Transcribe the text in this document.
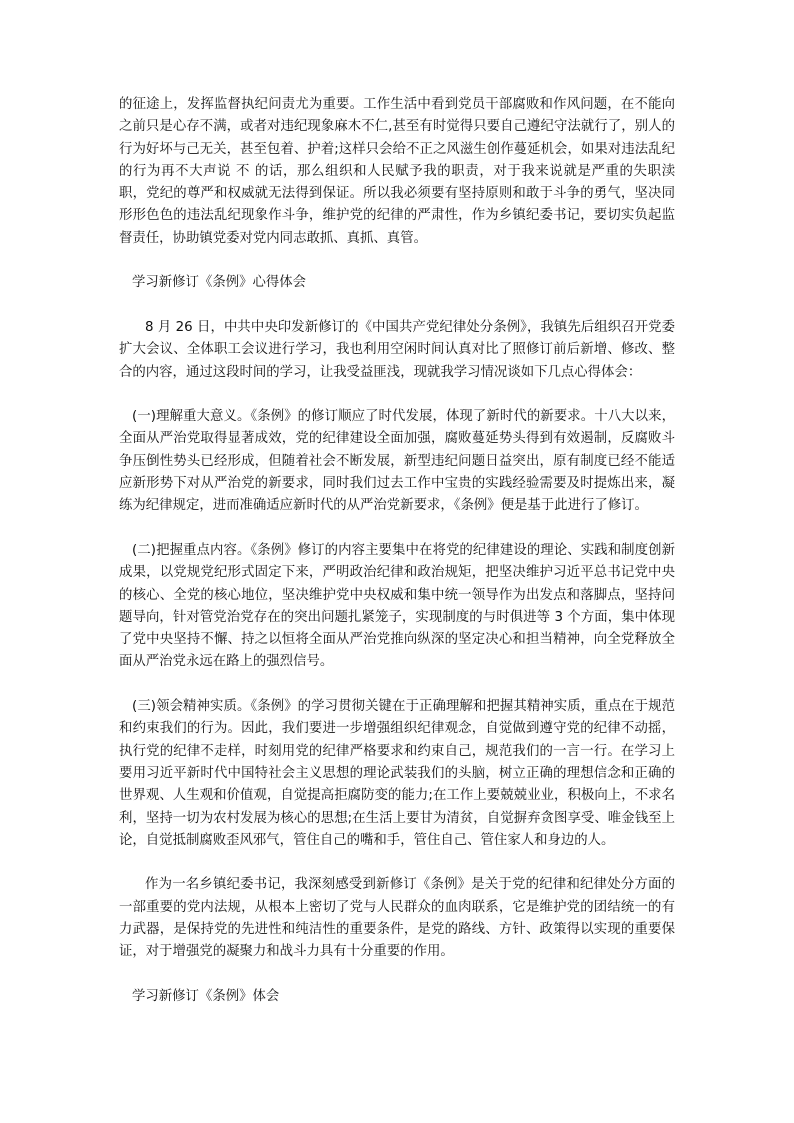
的征途上，发挥监督执纪问责尤为重要。工作生活中看到党员干部腐败和作风问题，在不能向之前只是心存不满，或者对违纪现象麻木不仁,甚至有时觉得只要自己遵纪守法就行了，别人的行为好坏与己无关，甚至包着、护着;这样只会给不正之风滋生创作蔓延机会，如果对违法乱纪的行为再不大声说 不 的话，那么组织和人民赋予我的职责，对于我来说就是严重的失职渎职，党纪的尊严和权威就无法得到保证。所以我必须要有坚持原则和敢于斗争的勇气，坚决同形形色色的违法乱纪现象作斗争，维护党的纪律的严肃性，作为乡镇纪委书记，要切实负起监督责任，协助镇党委对党内同志敢抓、真抓、真管。

学习新修订《条例》心得体会

8 月 26 日，中共中央印发新修订的《中国共产党纪律处分条例》，我镇先后组织召开党委扩大会议、全体职工会议进行学习，我也利用空闲时间认真对比了照修订前后新增、修改、整合的内容，通过这段时间的学习，让我受益匪浅，现就我学习情况谈如下几点心得体会：

(一)理解重大意义。《条例》的修订顺应了时代发展，体现了新时代的新要求。十八大以来，全面从严治党取得显著成效，党的纪律建设全面加强，腐败蔓延势头得到有效遏制，反腐败斗争压倒性势头已经形成，但随着社会不断发展，新型违纪问题日益突出，原有制度已经不能适应新形势下对从严治党的新要求，同时我们过去工作中宝贵的实践经验需要及时提炼出来，凝练为纪律规定，进而准确适应新时代的从严治党新要求，《条例》便是基于此进行了修订。

(二)把握重点内容。《条例》修订的内容主要集中在将党的纪律建设的理论、实践和制度创新成果，以党规党纪形式固定下来，严明政治纪律和政治规矩，把坚决维护习近平总书记党中央的核心、全党的核心地位，坚决维护党中央权威和集中统一领导作为出发点和落脚点，坚持问题导向，针对管党治党存在的突出问题扎紧笼子，实现制度的与时俱进等 3 个方面，集中体现了党中央坚持不懈、持之以恒将全面从严治党推向纵深的坚定决心和担当精神，向全党释放全面从严治党永远在路上的强烈信号。

(三)领会精神实质。《条例》的学习贯彻关键在于正确理解和把握其精神实质，重点在于规范和约束我们的行为。因此，我们要进一步增强组织纪律观念，自觉做到遵守党的纪律不动摇，执行党的纪律不走样，时刻用党的纪律严格要求和约束自己，规范我们的一言一行。在学习上要用习近平新时代中国特社会主义思想的理论武装我们的头脑，树立正确的理想信念和正确的世界观、人生观和价值观，自觉提高拒腐防变的能力;在工作上要兢兢业业，积极向上，不求名利，坚持一切为农村发展为核心的思想;在生活上要甘为清贫，自觉摒弃贪图享受、唯金钱至上论，自觉抵制腐败歪风邪气，管住自己的嘴和手，管住自己、管住家人和身边的人。

作为一名乡镇纪委书记，我深刻感受到新修订《条例》是关于党的纪律和纪律处分方面的一部重要的党内法规，从根本上密切了党与人民群众的血肉联系，它是维护党的团结统一的有力武器，是保持党的先进性和纯洁性的重要条件，是党的路线、方针、政策得以实现的重要保证，对于增强党的凝聚力和战斗力具有十分重要的作用。

学习新修订《条例》体会
